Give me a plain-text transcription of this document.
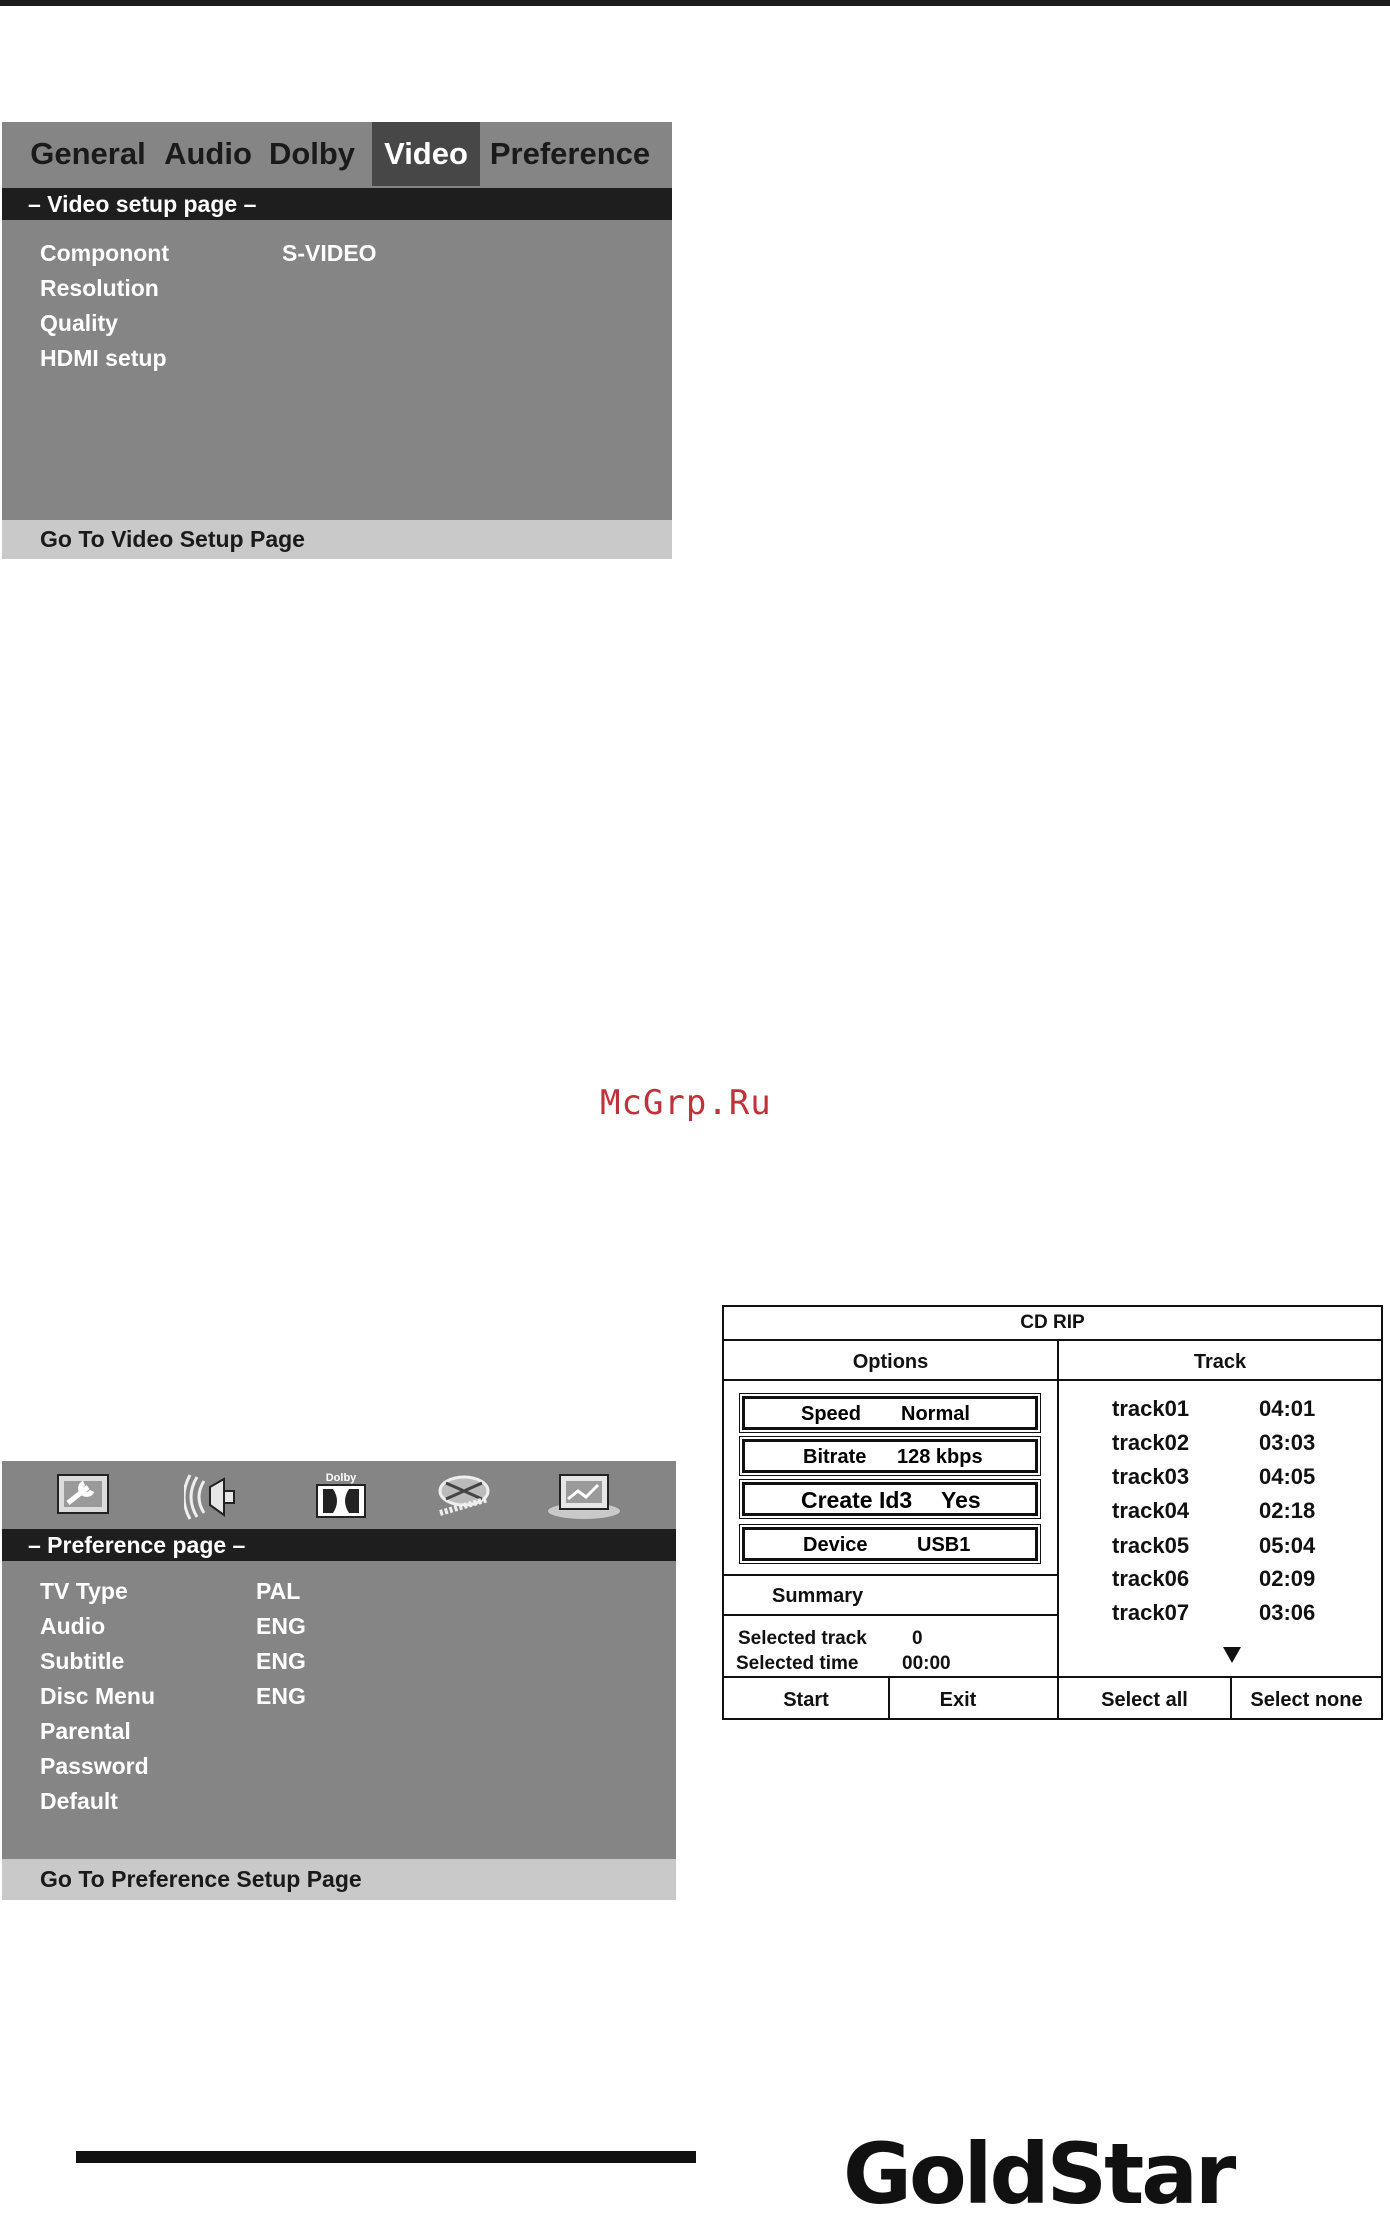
General Audio Dolby Video Preference
– Video setup page –
Componont	S-VIDEO
Resolution
Quality
HDMI setup
Go To Video Setup Page
McGrp.Ru
Dolby
– Preference page –
TV Type	PAL
Audio	ENG
Subtitle	ENG
Disc Menu	ENG
Parental
Password
Default
Go To Preference Setup Page
CD RIP
Options	Track
Speed Normal
Bitrate 128 kbps
Create Id3 Yes
Device USB1
Summary
Selected track 0
Selected time 00:00
track01	04:01
track02	03:03
track03	04:05
track04	02:18
track05	05:04
track06	02:09
track07	03:06
Start	Exit	Select all	Select none
GoldStar
